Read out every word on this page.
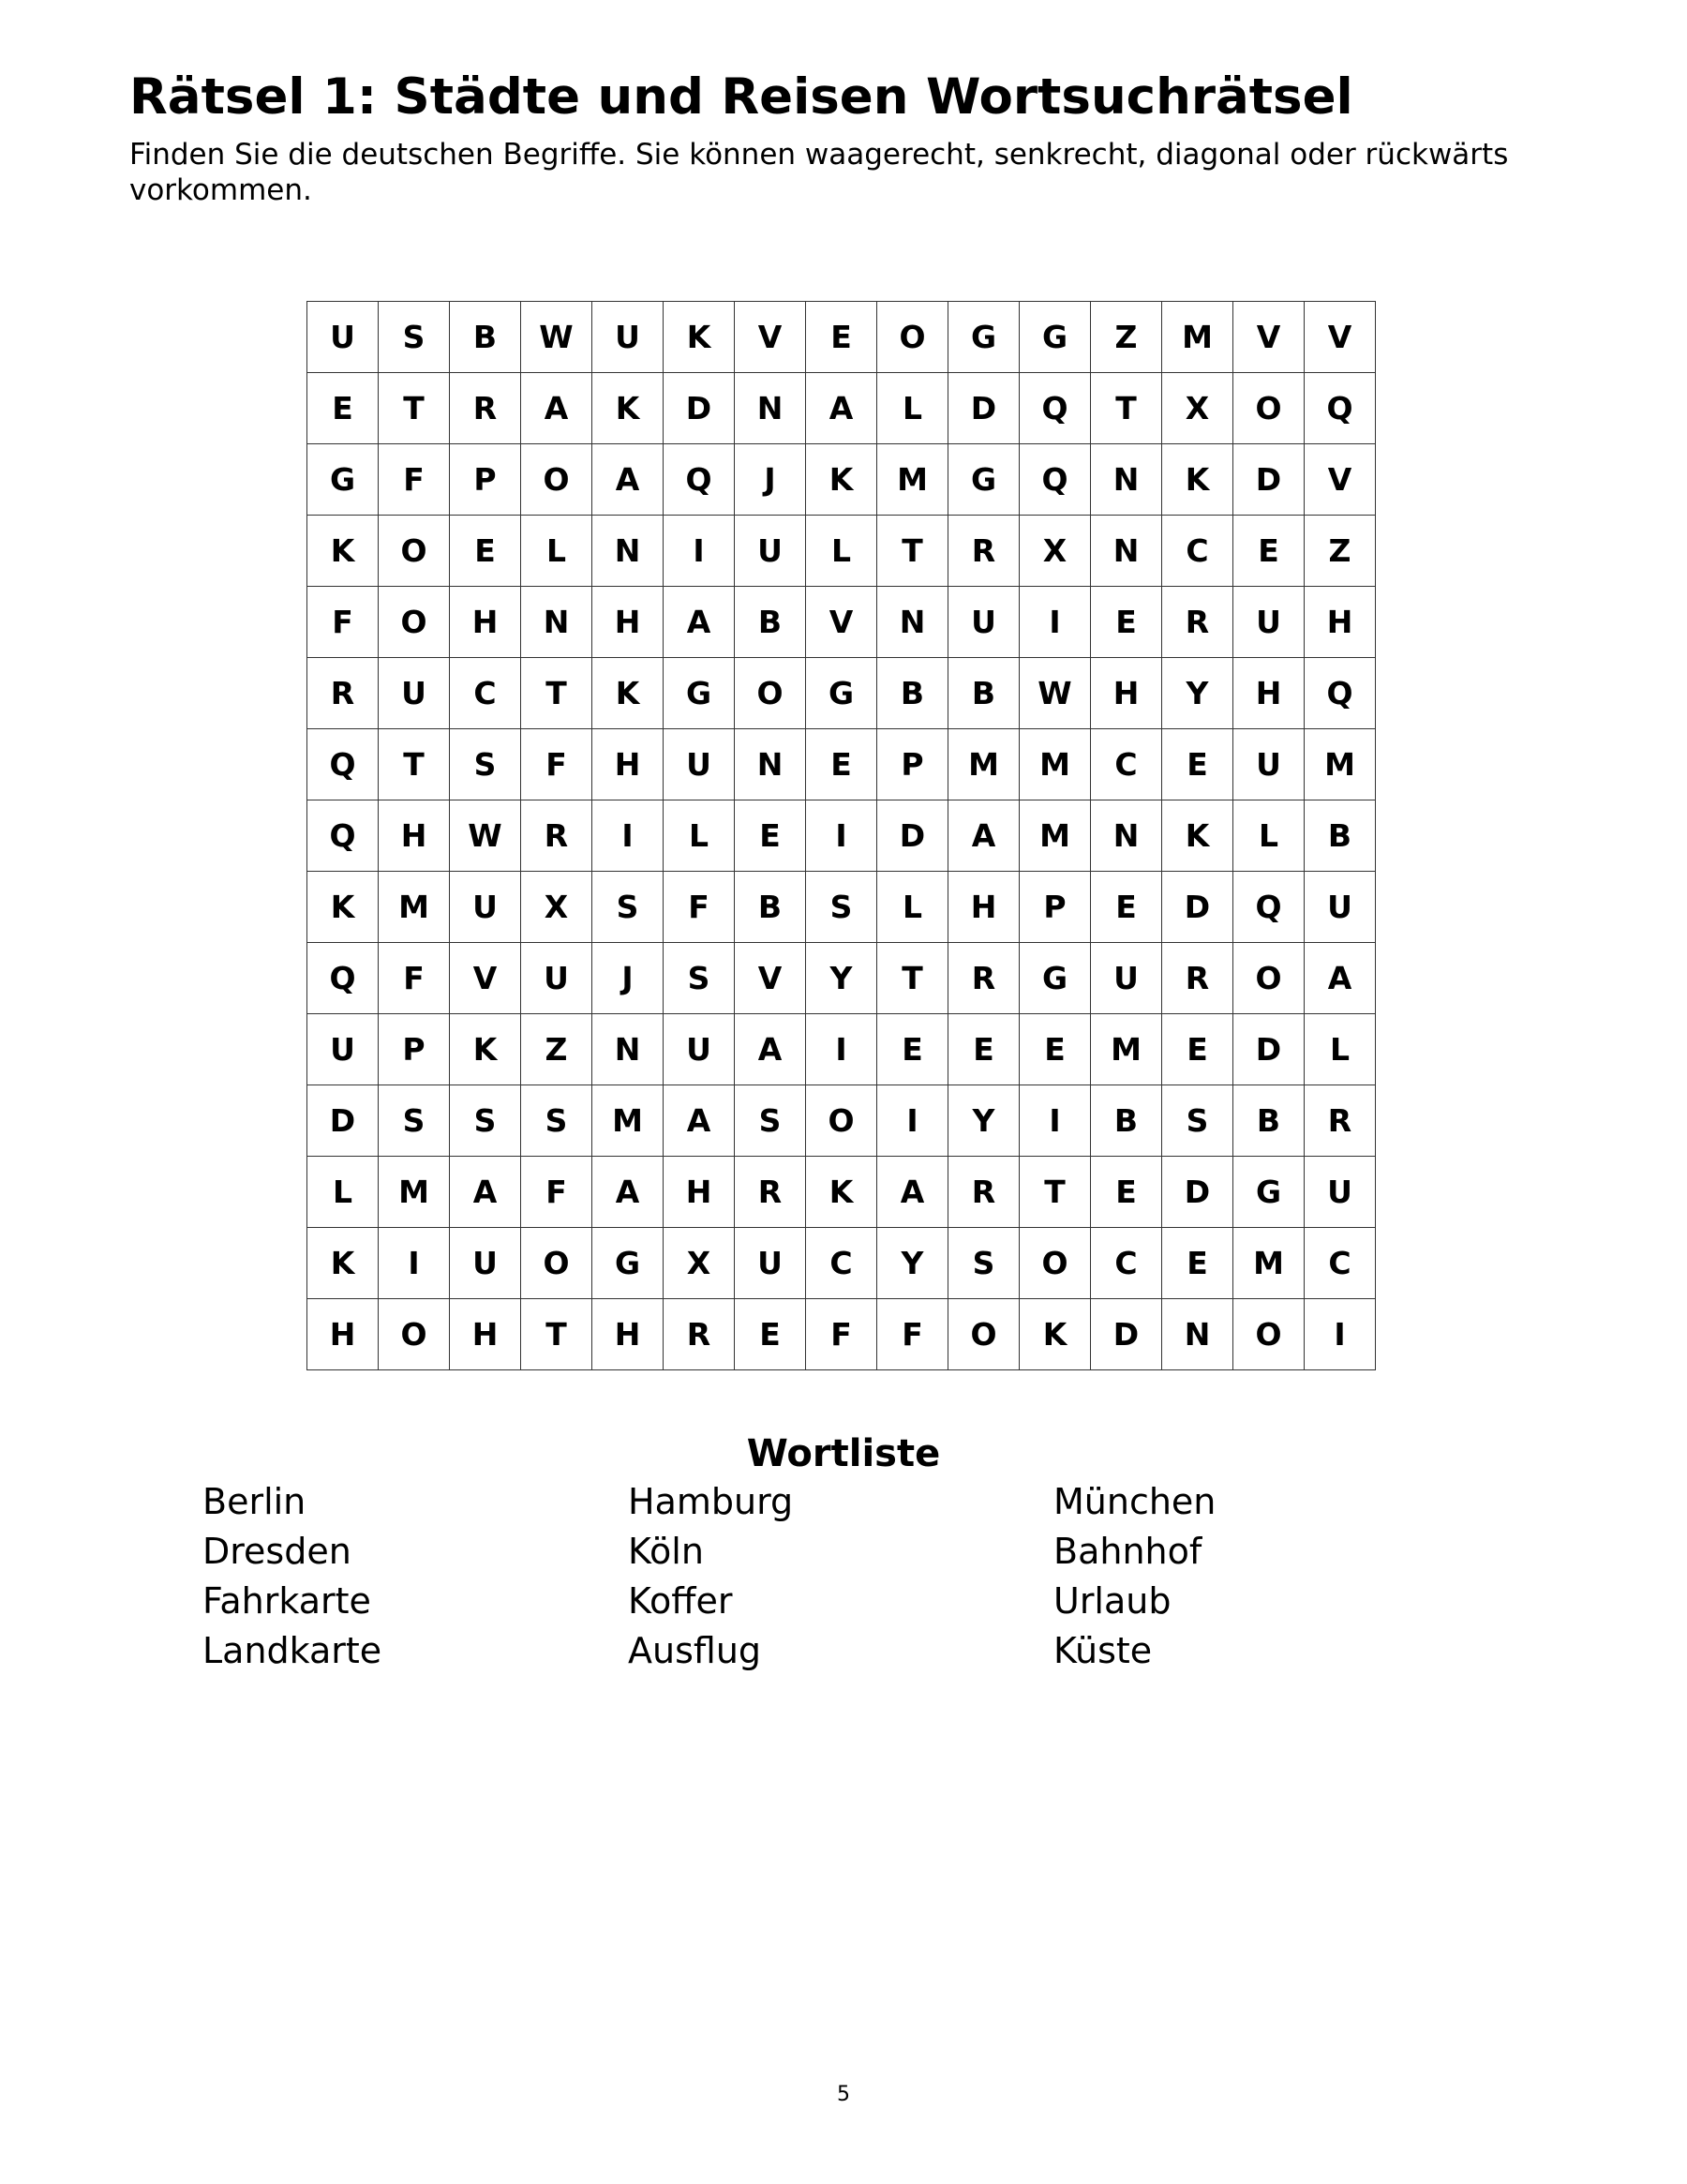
Rätsel 1: Städte und Reisen Wortsuchrätsel

Finden Sie die deutschen Begriffe. Sie können waagerecht, senkrecht, diagonal oder rückwärts vorkommen.

U	S	B	W	U	K	V	E	O	G	G	Z	M	V	V
E	T	R	A	K	D	N	A	L	D	Q	T	X	O	Q
G	F	P	O	A	Q	J	K	M	G	Q	N	K	D	V
K	O	E	L	N	I	U	L	T	R	X	N	C	E	Z
F	O	H	N	H	A	B	V	N	U	I	E	R	U	H
R	U	C	T	K	G	O	G	B	B	W	H	Y	H	Q
Q	T	S	F	H	U	N	E	P	M	M	C	E	U	M
Q	H	W	R	I	L	E	I	D	A	M	N	K	L	B
K	M	U	X	S	F	B	S	L	H	P	E	D	Q	U
Q	F	V	U	J	S	V	Y	T	R	G	U	R	O	A
U	P	K	Z	N	U	A	I	E	E	E	M	E	D	L
D	S	S	S	M	A	S	O	I	Y	I	B	S	B	R
L	M	A	F	A	H	R	K	A	R	T	E	D	G	U
K	I	U	O	G	X	U	C	Y	S	O	C	E	M	C
H	O	H	T	H	R	E	F	F	O	K	D	N	O	I
Wortliste
Berlin	Hamburg	München
Dresden	Köln	Bahnhof
Fahrkarte	Koffer	Urlaub
Landkarte	Ausflug	Küste
5
